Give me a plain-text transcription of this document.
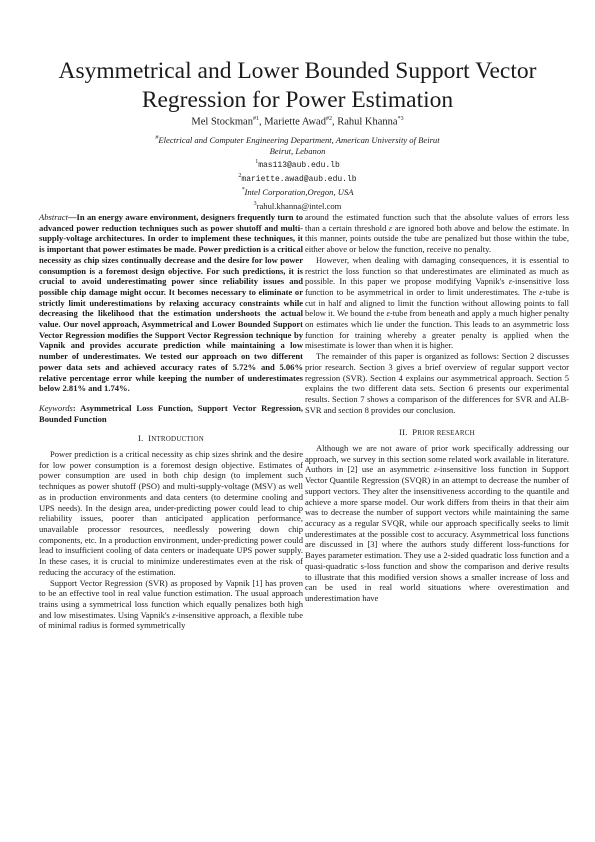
Asymmetrical and Lower Bounded Support Vector
Regression for Power Estimation
Mel Stockman$^{\#1}$, Mariette Awad$^{\#2}$, Rahul Khanna$^{*3}$
#Electrical and Computer Engineering Department, American University of Beirut
Beirut, Lebanon
$^1$mas113@aub.edu.lb
$^2$mariette.awad@aub.edu.lb
*Intel Corporation,Oregon, USA
$^3$rahul.khanna@intel.com

Abstract—In an energy aware environment, designers frequently turn to advanced power reduction techniques such as power shutoff and multi-supply-voltage architectures. In order to implement these techniques, it is important that power estimates be made. Power prediction is a critical necessity as chip sizes continually decrease and the desire for low power consumption is a foremost design objective. For such predictions, it is crucial to avoid underestimating power since reliability issues and possible chip damage might occur. It becomes necessary to eliminate or strictly limit underestimations by relaxing accuracy constraints while decreasing the likelihood that the estimation undershoots the actual value. Our novel approach, Asymmetrical and Lower Bounded Support Vector Regression modifies the Support Vector Regression technique by Vapnik and provides accurate prediction while maintaining a low number of underestimates. We tested our approach on two different power data sets and achieved accuracy rates of 5.72% and 5.06% relative percentage error while keeping the number of underestimates below 2.81% and 1.74%.

Keywords: Asymmetrical Loss Function, Support Vector Regression, Bounded Function

I. INTRODUCTION

Power prediction is a critical necessity as chip sizes shrink and the desire for low power consumption is a foremost design objective. Estimates of power consumption are used in both chip design (to implement such techniques as power shutoff (PSO) and multi-supply-voltage (MSV) as well as in production environments and data centers (to determine cooling and UPS needs). In the design area, under-predicting power could lead to chip reliability issues, poorer than anticipated application performance, unavailable processor resources, needlessly powering down chip components, etc. In a production environment, under-predicting power could lead to insufficient cooling of data centers or inadequate UPS power supply. In these cases, it is crucial to minimize underestimates even at the risk of reducing the accuracy of the estimation.

Support Vector Regression (SVR) as proposed by Vapnik [1] has proven to be an effective tool in real value function estimation. The usual approach trains using a symmetrical loss function which equally penalizes both high and low misestimates. Using Vapnik's ε-insensitive approach, a flexible tube of minimal radius is formed symmetrically

around the estimated function such that the absolute values of errors less than a certain threshold ε are ignored both above and below the estimate. In this manner, points outside the tube are penalized but those within the tube, either above or below the function, receive no penalty.

However, when dealing with damaging consequences, it is essential to restrict the loss function so that underestimates are eliminated as much as possible. In this paper we propose modifying Vapnik's ε-insensitive loss function to be asymmetrical in order to limit underestimates. The ε-tube is cut in half and aligned to limit the function without allowing points to fall below it. We bound the ε-tube from beneath and apply a much higher penalty on estimates which lie under the function. This leads to an asymmetric loss function for training whereby a greater penalty is applied when the misestimate is lower than when it is higher.

The remainder of this paper is organized as follows: Section 2 discusses prior research. Section 3 gives a brief overview of regular support vector regression (SVR). Section 4 explains our asymmetrical approach. Section 5 explains the two different data sets. Section 6 presents our experimental results. Section 7 shows a comparison of the differences for SVR and ALB-SVR and section 8 provides our conclusion.

II. PRIOR RESEARCH

Although we are not aware of prior work specifically addressing our approach, we survey in this section some related work available in literature. Authors in [2] use an asymmetric ε-insensitive loss function in Support Vector Quantile Regression (SVQR) in an attempt to decrease the number of support vectors. They alter the insensitiveness according to the quantile and achieve a more sparse model. Our work differs from theirs in that their aim was to decrease the number of support vectors while maintaining the same accuracy as a regular SVQR, while our approach specifically seeks to limit underestimates at the possible cost to accuracy. Asymmetrical loss functions are discussed in [3] where the authors study different loss-functions for Bayes parameter estimation. They use a 2-sided quadratic loss function and a quasi-quadratic s-loss function and show the comparison and derive results to illustrate that this modified version shows a smaller increase of loss and can be used in real world situations where overestimation and underestimation have
